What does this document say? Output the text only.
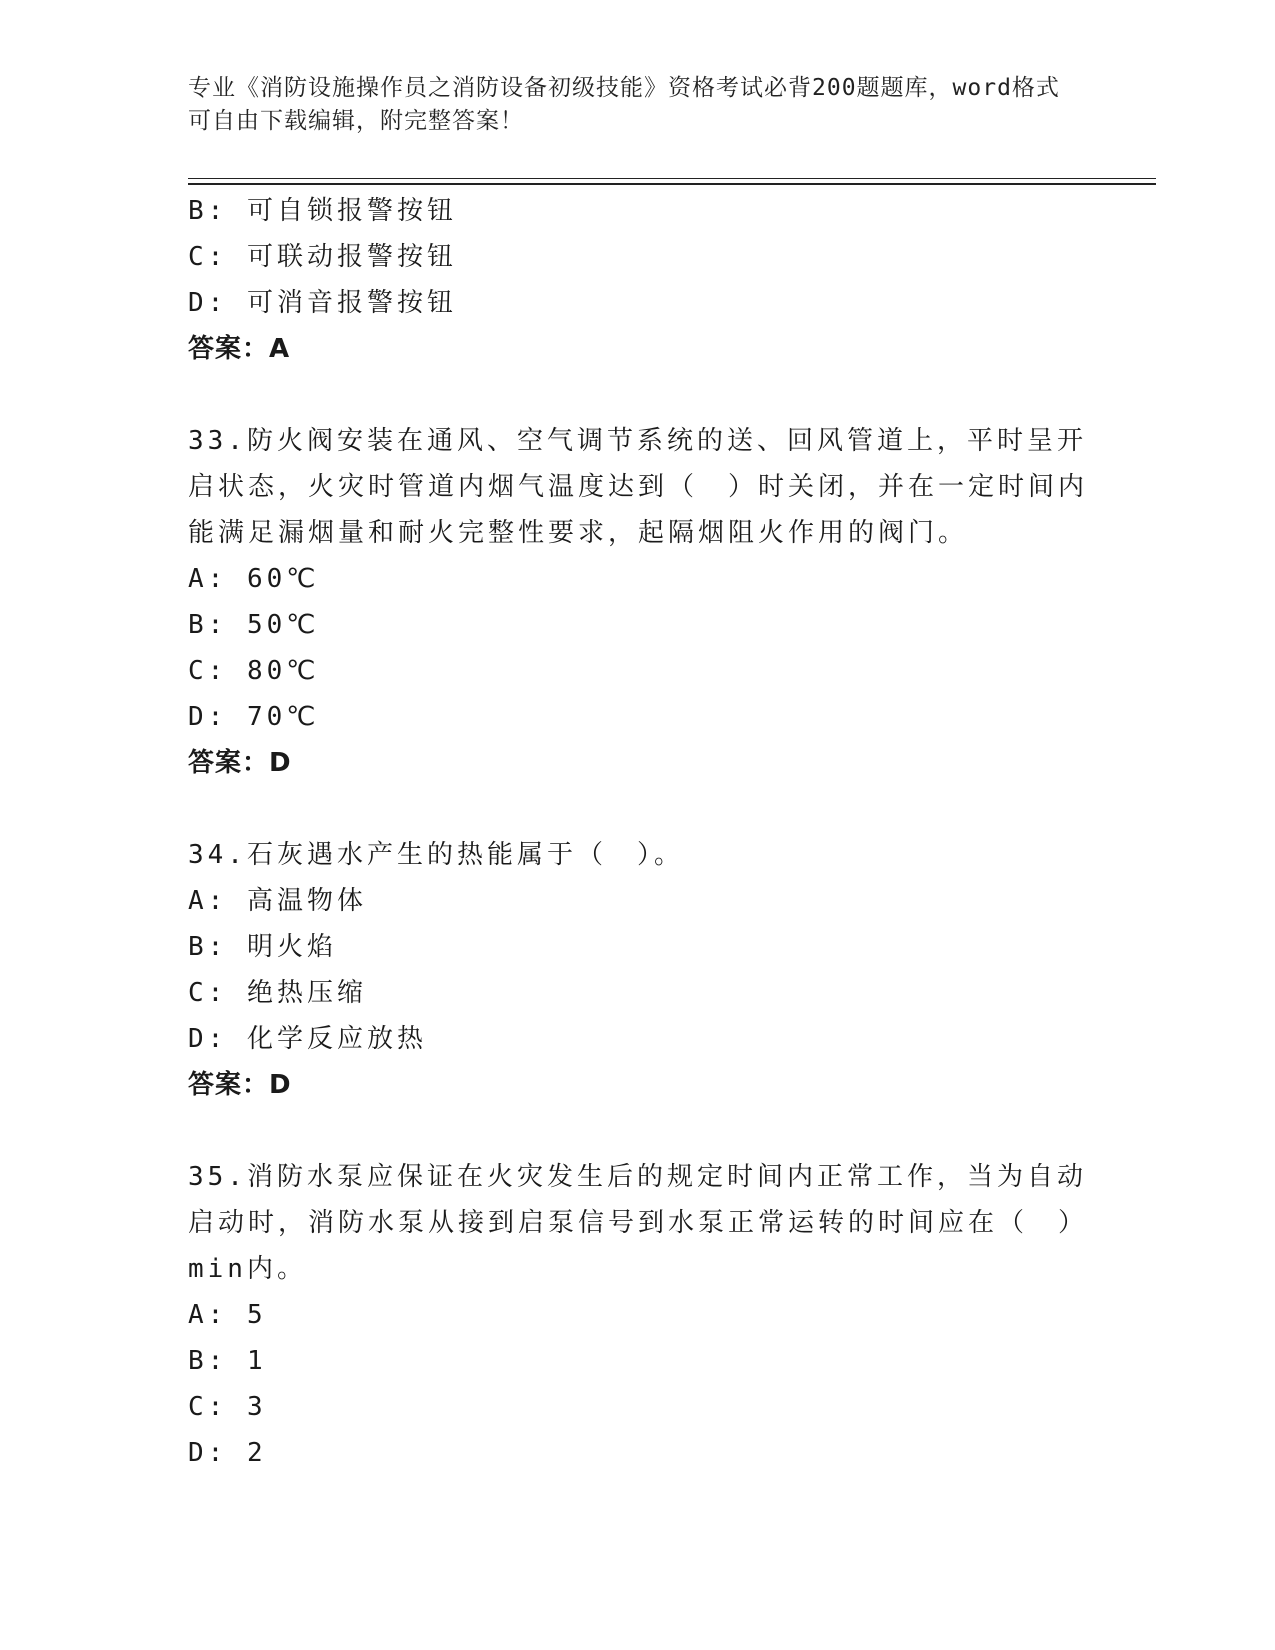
专业《消防设施操作员之消防设备初级技能》资格考试必背200题题库，word格式可自由下载编辑，附完整答案！
B: 可自锁报警按钮
C: 可联动报警按钮
D: 可消音报警按钮
答案：A
33.防火阀安装在通风、空气调节系统的送、回风管道上，平时呈开启状态，火灾时管道内烟气温度达到（　）时关闭，并在一定时间内能满足漏烟量和耐火完整性要求，起隔烟阻火作用的阀门。
A: 60℃
B: 50℃
C: 80℃
D: 70℃
答案：D
34.石灰遇水产生的热能属于（　）。
A: 高温物体
B: 明火焰
C: 绝热压缩
D: 化学反应放热
答案：D
35.消防水泵应保证在火灾发生后的规定时间内正常工作，当为自动启动时，消防水泵从接到启泵信号到水泵正常运转的时间应在（　）min内。
A: 5
B: 1
C: 3
D: 2
